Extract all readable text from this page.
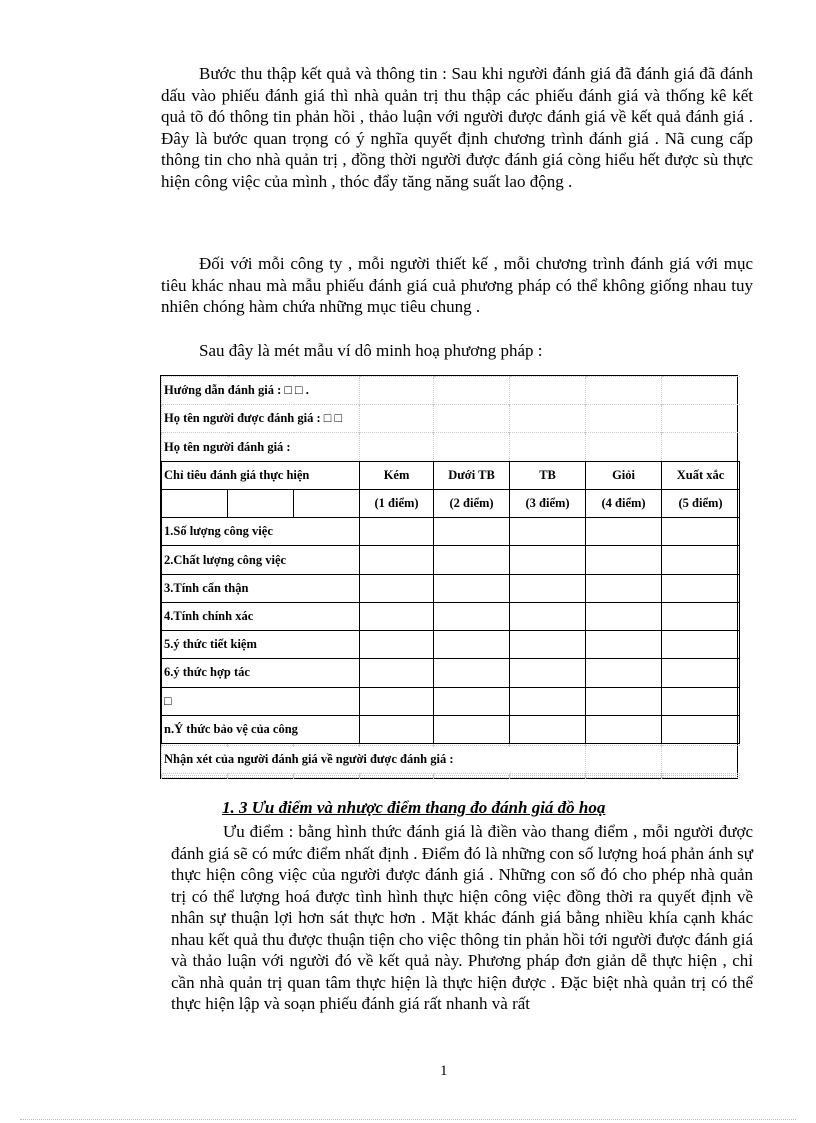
Bước thu thập kết quả và thông tin : Sau khi người đánh giá đã đánh giá đã đánh dấu vào phiếu đánh giá thì nhà quản trị thu thập các phiếu đánh giá và thống kê kết quả tõ đó thông tin phản hồi , thảo luận với người được đánh giá về kết quả đánh giá . Đây là bước quan trọng có ý nghĩa quyết định chương trình đánh giá . Nã cung cấp thông tin cho nhà quản trị , đồng thời người được đánh giá còng hiểu hết được sù thực hiện công việc của mình , thóc đẩy tăng năng suất lao động .

Đối với mỗi công ty , mỗi người thiết kế , mỗi chương trình đánh giá với mục tiêu khác nhau mà mẫu phiếu đánh giá cuả phương pháp có thể không giống nhau tuy nhiên chóng hàm chứa những mục tiêu chung .

Sau đây là mét mẫu ví dô minh hoạ phương pháp :

Hướng dẫn đánh giá : □ □ .							
Họ tên người được đánh giá : □ □							
Họ tên người đánh giá :							
Chỉ tiêu đánh giá thực hiện			Kém	Dưới TB	TB	Giỏi	Xuất xắc
			(1 điểm)	(2 điểm)	(3 điểm)	(4 điểm)	(5 điểm)
1.Số lượng công việc							
2.Chất lượng công việc							
3.Tính cẩn thận							
4.Tính chính xác							
5.ý thức tiết kiệm							
6.ý thức hợp tác							
□							
n.Ý thức bảo vệ của công							

Nhận xét của người đánh giá về người được đánh giá :							

1. 3 Ưu điểm và nhược điểm thang đo đánh giá đồ hoạ

Ưu điểm : bằng hình thức đánh giá là điền vào thang điểm , mỗi người được đánh giá sẽ có mức điểm nhất định . Điểm đó là những con số lượng hoá phản ánh sự thực hiện công việc của người được đánh giá . Những con số đó cho phép nhà quản trị có thể lượng hoá được tình hình thực hiện công việc đồng thời ra quyết định về nhân sự thuận lợi hơn sát thực hơn . Mặt khác đánh giá bằng nhiều khía cạnh khác nhau kết quả thu được thuận tiện cho việc thông tin phản hồi tới người được đánh giá và thảo luận với người đó về kết quả này. Phương pháp đơn giản dễ thực hiện , chỉ cần nhà quản trị quan tâm thực hiện là thực hiện được . Đặc biệt nhà quản trị có thể thực hiện lập và soạn phiếu đánh giá rất nhanh và rất

1
